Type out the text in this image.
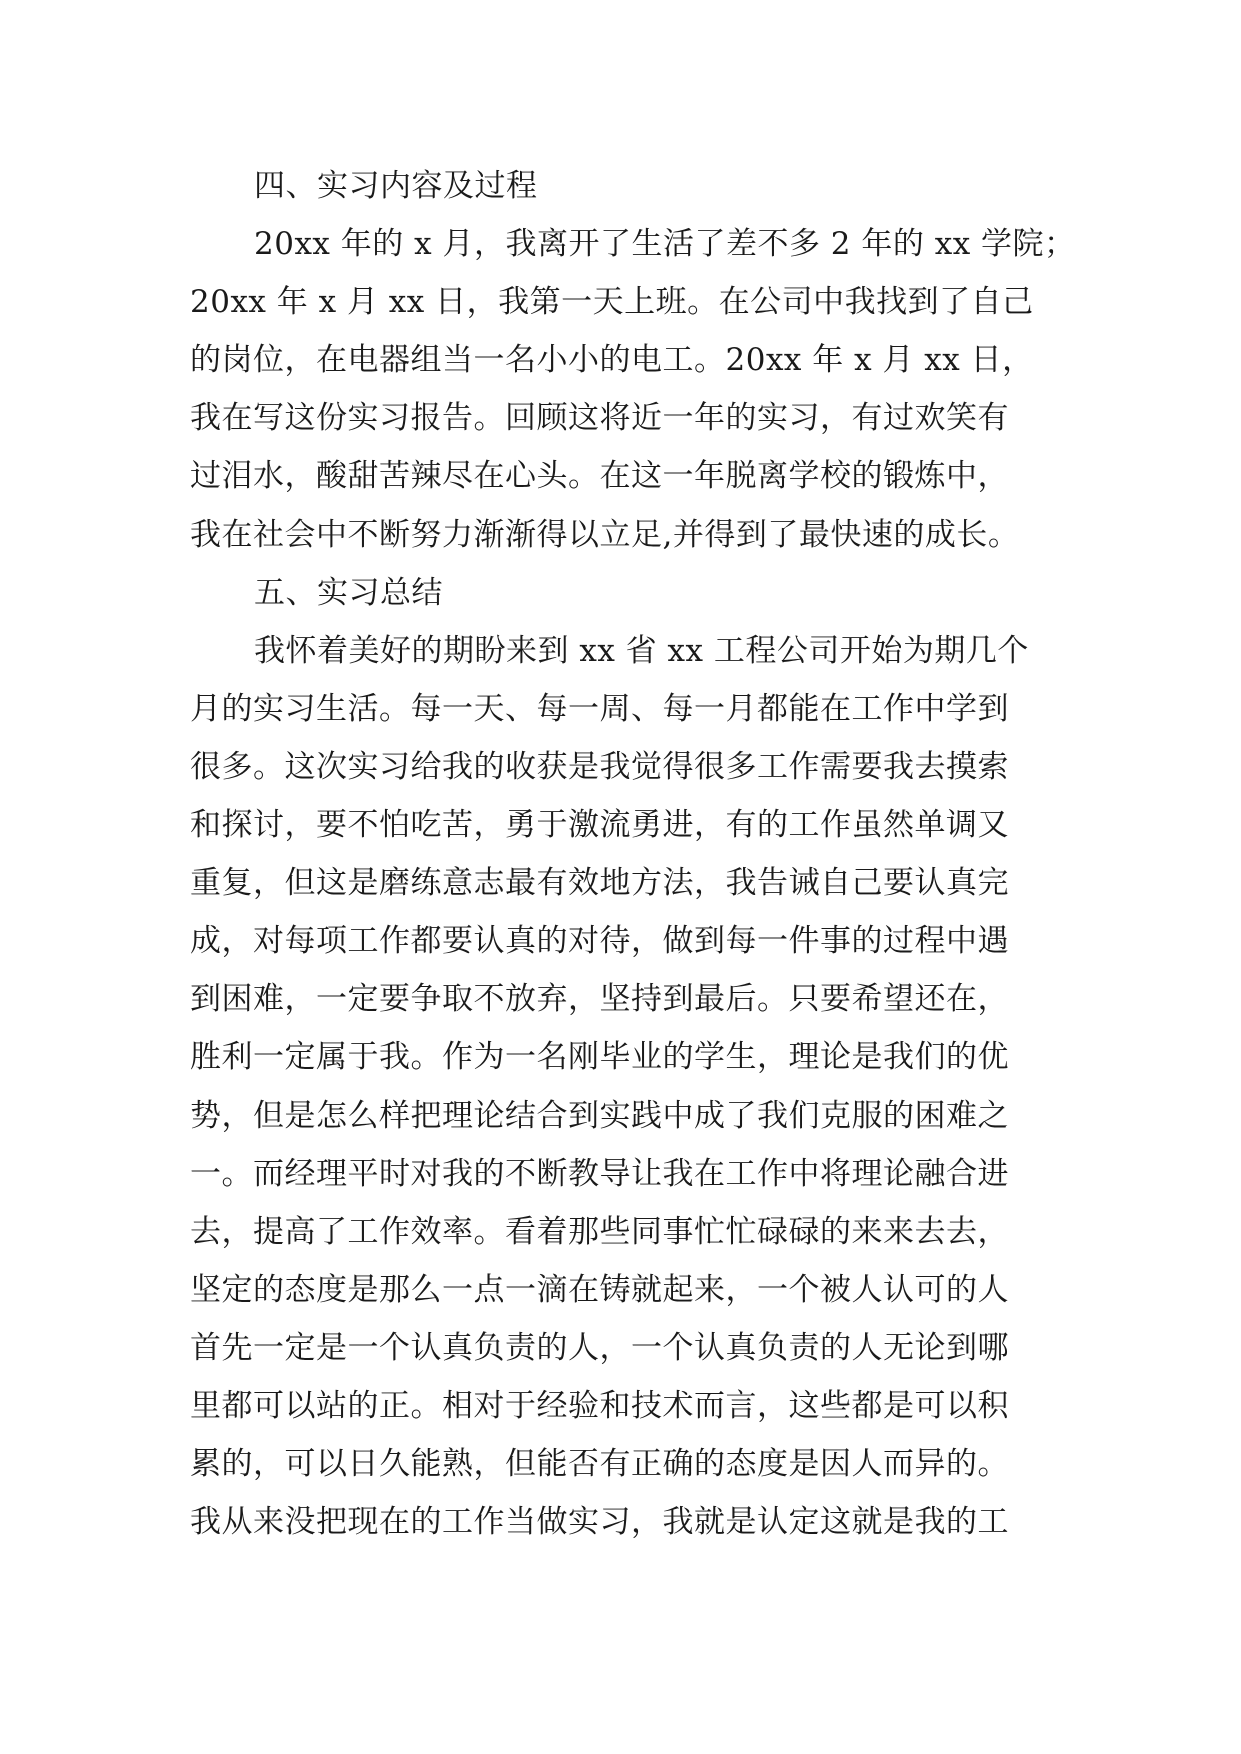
四、实习内容及过程
20xx 年的 x 月，我离开了生活了差不多 2 年的 xx 学院；
20xx 年 x 月 xx 日，我第一天上班。在公司中我找到了自己
的岗位，在电器组当一名小小的电工。20xx 年 x 月 xx 日，
我在写这份实习报告。回顾这将近一年的实习，有过欢笑有
过泪水，酸甜苦辣尽在心头。在这一年脱离学校的锻炼中，
我在社会中不断努力渐渐得以立足,并得到了最快速的成长。
五、实习总结
我怀着美好的期盼来到 xx 省 xx 工程公司开始为期几个
月的实习生活。每一天、每一周、每一月都能在工作中学到
很多。这次实习给我的收获是我觉得很多工作需要我去摸索
和探讨，要不怕吃苦，勇于激流勇进，有的工作虽然单调又
重复，但这是磨练意志最有效地方法，我告诫自己要认真完
成，对每项工作都要认真的对待，做到每一件事的过程中遇
到困难，一定要争取不放弃，坚持到最后。只要希望还在，
胜利一定属于我。作为一名刚毕业的学生，理论是我们的优
势，但是怎么样把理论结合到实践中成了我们克服的困难之
一。而经理平时对我的不断教导让我在工作中将理论融合进
去，提高了工作效率。看着那些同事忙忙碌碌的来来去去，
坚定的态度是那么一点一滴在铸就起来，一个被人认可的人
首先一定是一个认真负责的人，一个认真负责的人无论到哪
里都可以站的正。相对于经验和技术而言，这些都是可以积
累的，可以日久能熟，但能否有正确的态度是因人而异的。
我从来没把现在的工作当做实习，我就是认定这就是我的工
